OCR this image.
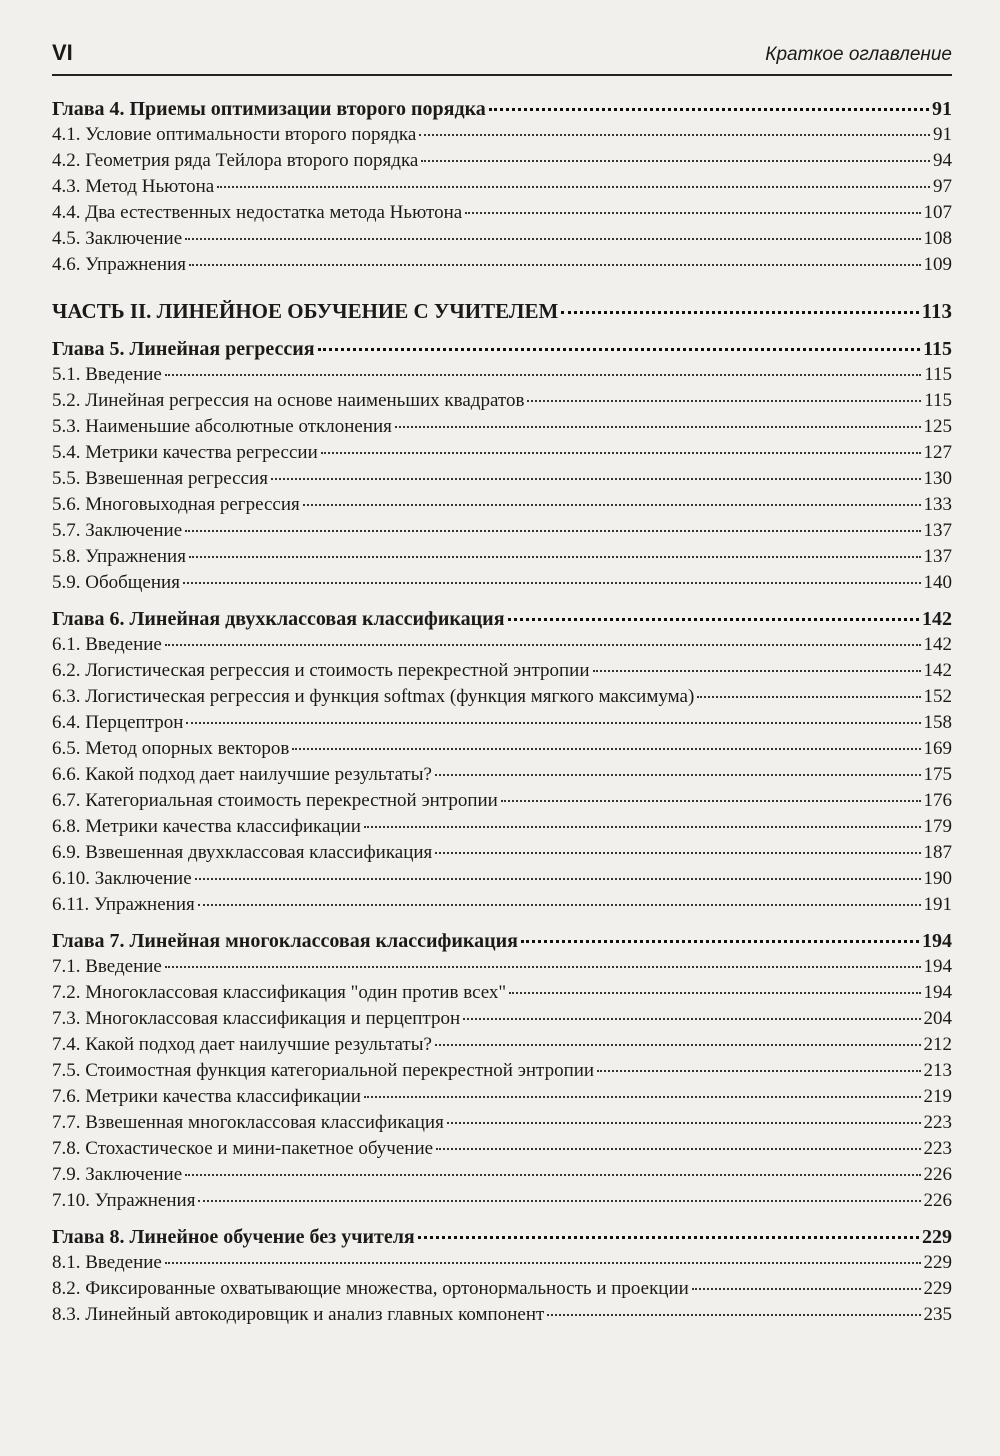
VI	Краткое оглавление
Глава 4. Приемы оптимизации второго порядка	91
4.1. Условие оптимальности второго порядка	91
4.2. Геометрия ряда Тейлора второго порядка	94
4.3. Метод Ньютона	97
4.4. Два естественных недостатка метода Ньютона	107
4.5. Заключение	108
4.6. Упражнения	109
ЧАСТЬ II. ЛИНЕЙНОЕ ОБУЧЕНИЕ С УЧИТЕЛЕМ	113
Глава 5. Линейная регрессия	115
5.1. Введение	115
5.2. Линейная регрессия на основе наименьших квадратов	115
5.3. Наименьшие абсолютные отклонения	125
5.4. Метрики качества регрессии	127
5.5. Взвешенная регрессия	130
5.6. Многовыходная регрессия	133
5.7. Заключение	137
5.8. Упражнения	137
5.9. Обобщения	140
Глава 6. Линейная двухклассовая классификация	142
6.1. Введение	142
6.2. Логистическая регрессия и стоимость перекрестной энтропии	142
6.3. Логистическая регрессия и функция softmax (функция мягкого максимума)	152
6.4. Перцептрон	158
6.5. Метод опорных векторов	169
6.6. Какой подход дает наилучшие результаты?	175
6.7. Категориальная стоимость перекрестной энтропии	176
6.8. Метрики качества классификации	179
6.9. Взвешенная двухклассовая классификация	187
6.10. Заключение	190
6.11. Упражнения	191
Глава 7. Линейная многоклассовая классификация	194
7.1. Введение	194
7.2. Многоклассовая классификация "один против всех"	194
7.3. Многоклассовая классификация и перцептрон	204
7.4. Какой подход дает наилучшие результаты?	212
7.5. Стоимостная функция категориальной перекрестной энтропии	213
7.6. Метрики качества классификации	219
7.7. Взвешенная многоклассовая классификация	223
7.8. Стохастическое и мини-пакетное обучение	223
7.9. Заключение	226
7.10. Упражнения	226
Глава 8. Линейное обучение без учителя	229
8.1. Введение	229
8.2. Фиксированные охватывающие множества, ортонормальность и проекции	229
8.3. Линейный автокодировщик и анализ главных компонент	235
